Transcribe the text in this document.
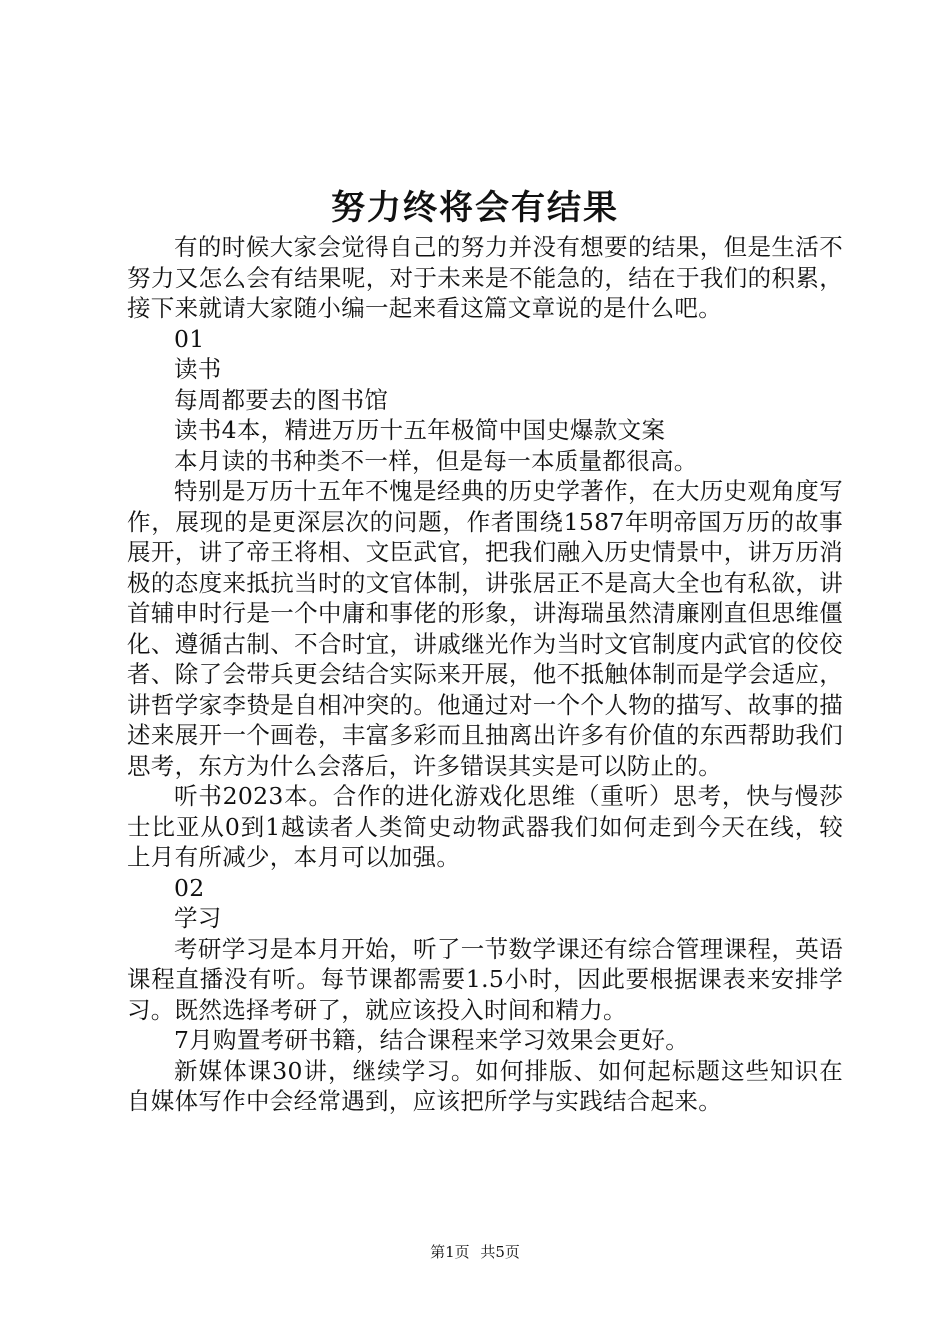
努力终将会有结果

有的时候大家会觉得自己的努力并没有想要的结果，但是生活不努力又怎么会有结果呢，对于未来是不能急的，结在于我们的积累，接下来就请大家随小编一起来看这篇文章说的是什么吧。

01

读书

每周都要去的图书馆

读书4本，精进万历十五年极简中国史爆款文案

本月读的书种类不一样，但是每一本质量都很高。

特别是万历十五年不愧是经典的历史学著作，在大历史观角度写作，展现的是更深层次的问题，作者围绕1587年明帝国万历的故事展开，讲了帝王将相、文臣武官，把我们融入历史情景中，讲万历消极的态度来抵抗当时的文官体制，讲张居正不是高大全也有私欲，讲首辅申时行是一个中庸和事佬的形象，讲海瑞虽然清廉刚直但思维僵化、遵循古制、不合时宜，讲戚继光作为当时文官制度内武官的佼佼者、除了会带兵更会结合实际来开展，他不抵触体制而是学会适应，讲哲学家李贽是自相冲突的。他通过对一个个人物的描写、故事的描述来展开一个画卷，丰富多彩而且抽离出许多有价值的东西帮助我们思考，东方为什么会落后，许多错误其实是可以防止的。

听书2023本。合作的进化游戏化思维（重听）思考，快与慢莎士比亚从0到1越读者人类简史动物武器我们如何走到今天在线，较上月有所减少，本月可以加强。

02

学习

考研学习是本月开始，听了一节数学课还有综合管理课程，英语课程直播没有听。每节课都需要1.5小时，因此要根据课表来安排学习。既然选择考研了，就应该投入时间和精力。

7月购置考研书籍，结合课程来学习效果会更好。

新媒体课30讲，继续学习。如何排版、如何起标题这些知识在自媒体写作中会经常遇到，应该把所学与实践结合起来。

第1页 共5页
